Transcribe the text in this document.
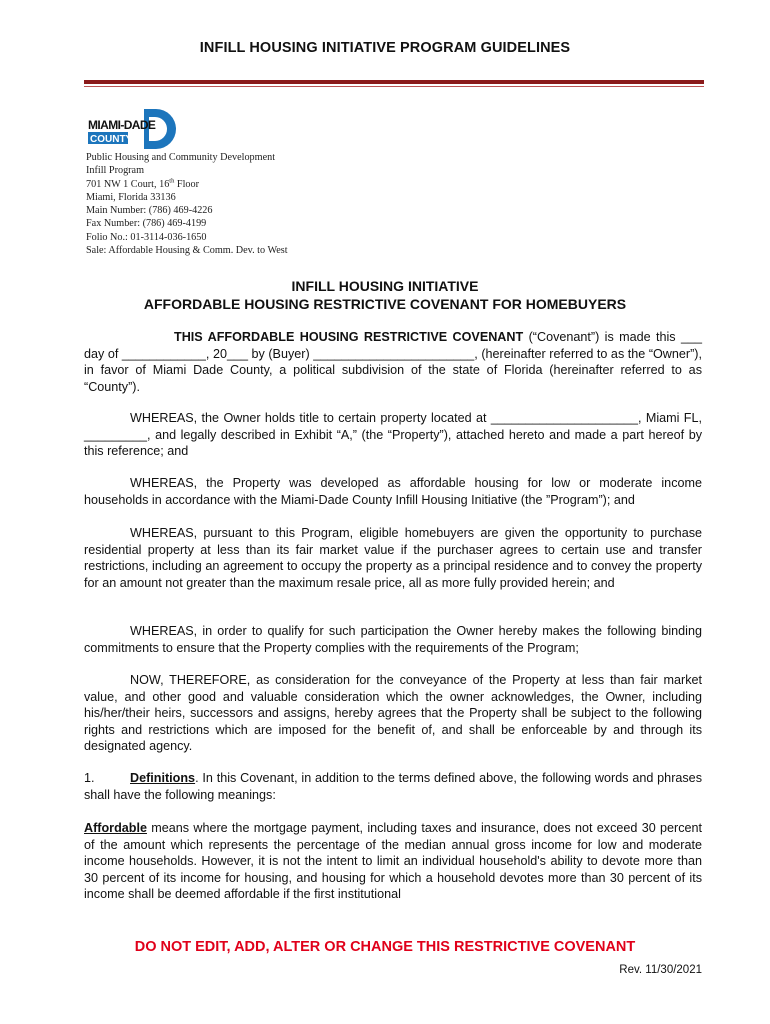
INFILL HOUSING INITIATIVE PROGRAM GUIDELINES
MIAMI-DADE
COUNTY
Public Housing and Community Development
Infill Program
701 NW 1 Court, 16th Floor
Miami, Florida 33136
Main Number: (786) 469-4226
Fax Number: (786) 469-4199
Folio No.: 01-3114-036-1650
Sale: Affordable Housing & Comm. Dev. to West
INFILL HOUSING INITIATIVE
AFFORDABLE HOUSING RESTRICTIVE COVENANT FOR HOMEBUYERS
THIS AFFORDABLE HOUSING RESTRICTIVE COVENANT (“Covenant”) is made this ___ day of ____________, 20___ by (Buyer) _______________________, (hereinafter referred to as the “Owner”), in favor of Miami Dade County, a political subdivision of the state of Florida (hereinafter referred to as “County”).
WHEREAS, the Owner holds title to certain property located at _____________________, Miami FL, _________, and legally described in Exhibit “A,” (the “Property”), attached hereto and made a part hereof by this reference; and
WHEREAS, the Property was developed as affordable housing for low or moderate income households in accordance with the Miami-Dade County Infill Housing Initiative (the ”Program”); and
WHEREAS, pursuant to this Program, eligible homebuyers are given the opportunity to purchase residential property at less than its fair market value if the purchaser agrees to certain use and transfer restrictions, including an agreement to occupy the property as a principal residence and to convey the property for an amount not greater than the maximum resale price, all as more fully provided herein; and
WHEREAS, in order to qualify for such participation the Owner hereby makes the following binding commitments to ensure that the Property complies with the requirements of the Program;
NOW, THEREFORE, as consideration for the conveyance of the Property at less than fair market value, and other good and valuable consideration which the owner acknowledges, the Owner, including his/her/their heirs, successors and assigns, hereby agrees that the Property shall be subject to the following rights and restrictions which are imposed for the benefit of, and shall be enforceable by and through its designated agency.
1.	Definitions. In this Covenant, in addition to the terms defined above, the following words and phrases shall have the following meanings:
Affordable means where the mortgage payment, including taxes and insurance, does not exceed 30 percent of the amount which represents the percentage of the median annual gross income for low and moderate income households. However, it is not the intent to limit an individual household's ability to devote more than 30 percent of its income for housing, and housing for which a household devotes more than 30 percent of its income shall be deemed affordable if the first institutional
DO NOT EDIT, ADD, ALTER OR CHANGE THIS RESTRICTIVE COVENANT
Rev. 11/30/2021
